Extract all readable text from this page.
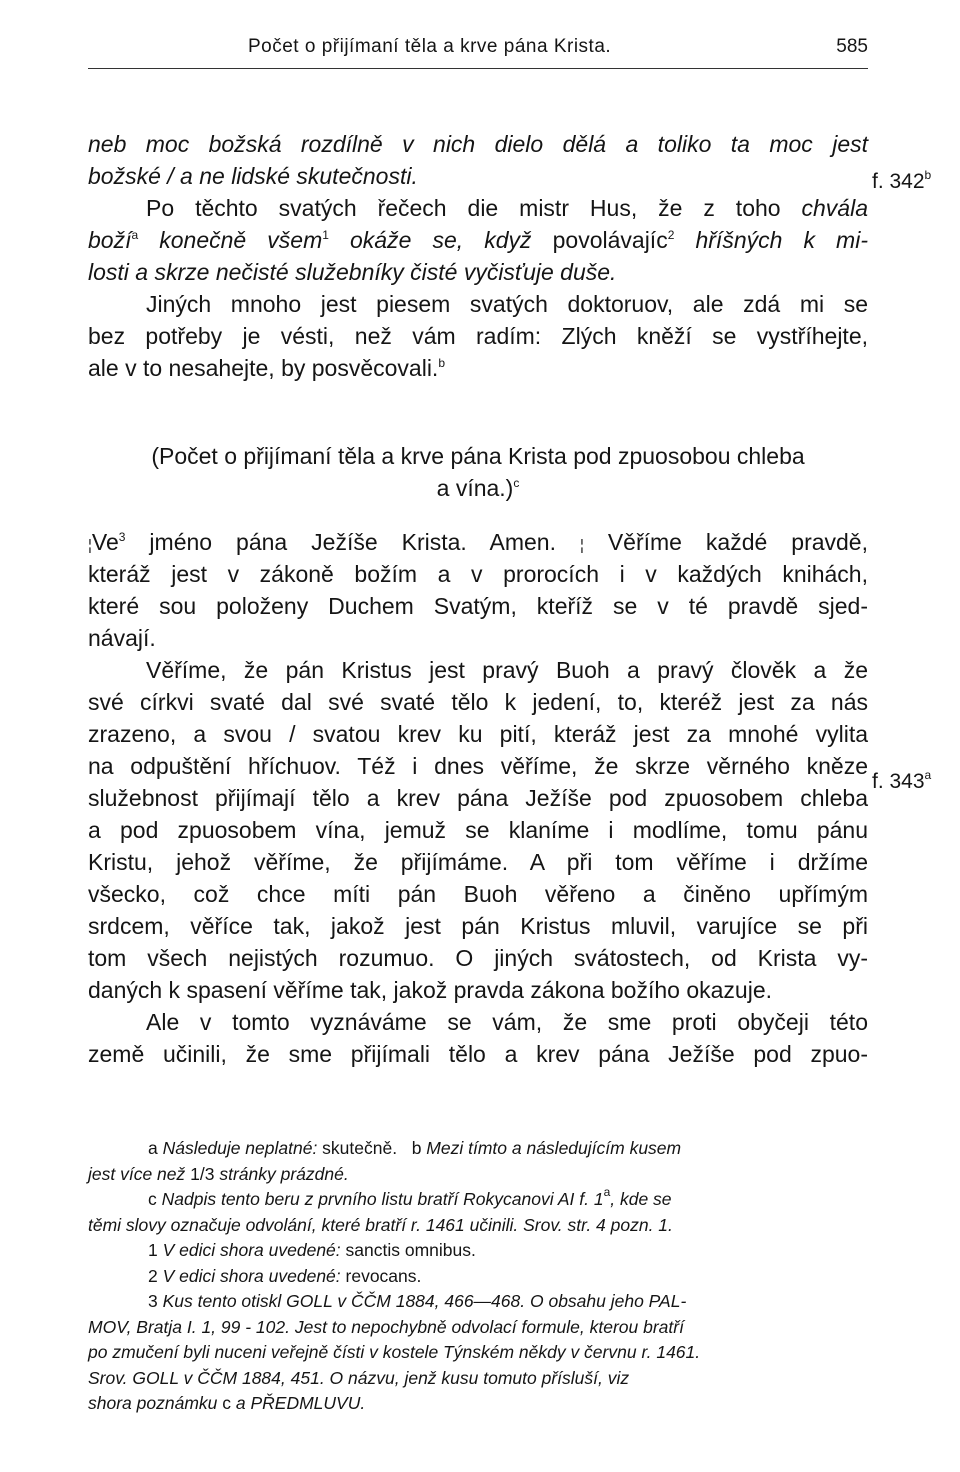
Počet o přijímaní těla a krve pána Krista.	585
f. 342$^b$
f. 343$^a$
neb moc božská rozdílně v nich dielo dělá a toliko ta moc jest
božské / a ne lidské skutečnosti.
Po těchto svatých řečech die mistr Hus, že z toho chvála
boží$^a$ konečně všem$^1$ okáže se, když povolávajíc$^2$ hříšných k mi-
losti a skrze nečisté služebníky čisté vyčisťuje duše.
Jiných mnoho jest piesem svatých doktoruov, ale zdá mi se
bez potřeby je vésti, než vám radím: Zlých kněží se vystříhejte,
ale v to nesahejte, by posvěcovali.$^b$
(Počet o přijímaní těla a krve pána Krista pod zpuosobou chleba
a vína.)$^c$
¦Ve$^3$ jméno pána Ježíše Krista. Amen. ¦ Věříme každé pravdě,
kteráž jest v zákoně božím a v prorocích i v každých knihách,
které sou položeny Duchem Svatým, kteříž se v té pravdě sjed-
návají.
Věříme, že pán Kristus jest pravý Buoh a pravý člověk a že
své církvi svaté dal své svaté tělo k jedení, to, kteréž jest za nás
zrazeno, a svou / svatou krev ku pití, kteráž jest za mnohé vylita
na odpuštění hříchuov. Též i dnes věříme, že skrze věrného kněze
služebnost přijímají tělo a krev pána Ježíše pod zpuosobem chleba
a pod zpuosobem vína, jemuž se klaníme i modlíme, tomu pánu
Kristu, jehož věříme, že přijímáme. A při tom věříme i držíme
všecko, což chce míti pán Buoh věřeno a činěno upřímým
srdcem, věříce tak, jakož jest pán Kristus mluvil, varujíce se při
tom všech nejistých rozumuo. O jiných svátostech, od Krista vy-
daných k spasení věříme tak, jakož pravda zákona božího okazuje.
Ale v tomto vyznáváme se vám, že sme proti obyčeji této
země učinili, že sme přijímali tělo a krev pána Ježíše pod zpuo-
a Následuje neplatné: skutečně. b Mezi tímto a následujícím kusem
jest více než 1/3 stránky prázdné.
c Nadpis tento beru z prvního listu bratří Rokycanovi AI f. 1$^a$, kde se
těmi slovy označuje odvolání, které bratří r. 1461 učinili. Srov. str. 4 pozn. 1.
1 V edici shora uvedené: sanctis omnibus.
2 V edici shora uvedené: revocans.
3 Kus tento otiskl GOLL v ČČM 1884, 466—468. O obsahu jeho PAL-
MOV, Bratja I. 1, 99 - 102. Jest to nepochybně odvolací formule, kterou bratří
po zmučení byli nuceni veřejně čísti v kostele Týnském někdy v červnu r. 1461.
Srov. GOLL v ČČM 1884, 451. O názvu, jenž kusu tomuto přísluší, viz
shora poznámku c a PŘEDMLUVU.
